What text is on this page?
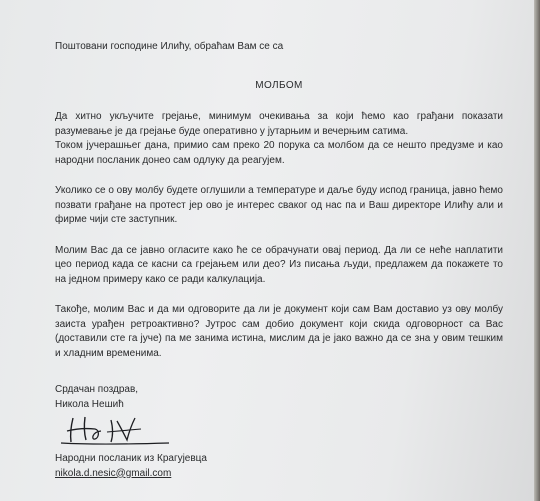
Поштовани господине Илићу, обраћам Вам се са

МОЛБОМ

Да хитно укључите грејање, минимум очекивања за који ћемо као грађани показати разумевање је да грејање буде оперативно у јутарњим и вечерњим сатима.

Током јучерашњег дана, примио сам преко 20 порука са молбом да се нешто предузме и као народни посланик донео сам одлуку да реагујем.

Уколико се о ову молбу будете оглушили а температуре и даље буду испод граница, јавно ћемо позвати грађане на протест јер ово је интерес сваког од нас па и Ваш директоре Илићу али и фирме чији сте заступник.

Молим Вас да се јавно огласите како ће се обрачунати овај период. Да ли се неће наплатити цео период када се касни са грејањем или део? Из писања људи, предлажем да покажете то на једном примеру како се ради калкулација.

Такође, молим Вас и да ми одговорите да ли је документ који сам Вам доставио уз ову молбу заиста урађен ретроактивно? Јутрос сам добио документ који скида одговорност са Вас (доставили сте га јуче) па ме занима истина, мислим да је јако важно да се зна у овим тешким и хладним временима.

Срдачан поздрав,

Никола Нешић

Народни посланик из Крагујевца

nikola.d.nesic@gmail.com
